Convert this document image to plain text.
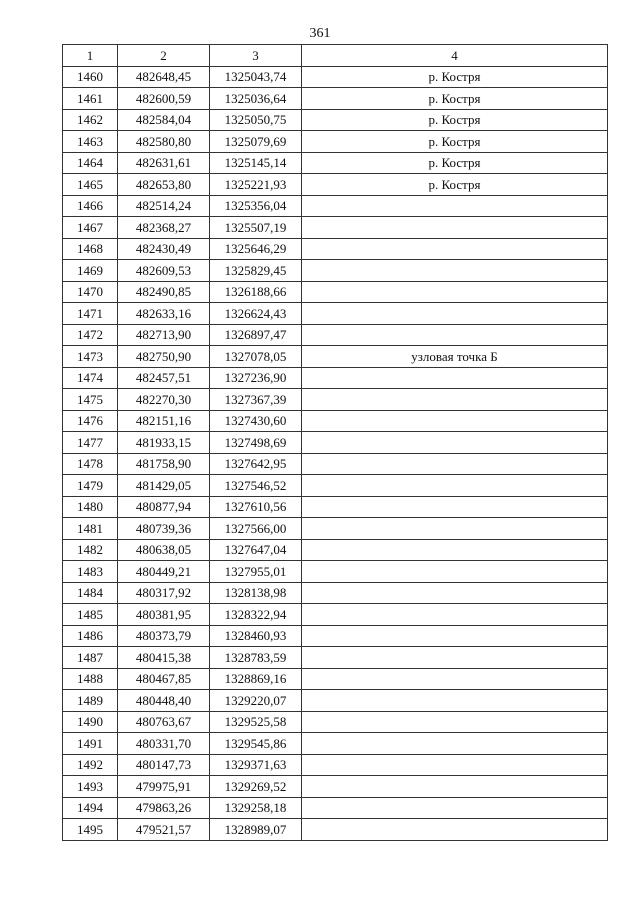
361
1	2	3	4
1460	482648,45	1325043,74	р. Костря
1461	482600,59	1325036,64	р. Костря
1462	482584,04	1325050,75	р. Костря
1463	482580,80	1325079,69	р. Костря
1464	482631,61	1325145,14	р. Костря
1465	482653,80	1325221,93	р. Костря
1466	482514,24	1325356,04	
1467	482368,27	1325507,19	
1468	482430,49	1325646,29	
1469	482609,53	1325829,45	
1470	482490,85	1326188,66	
1471	482633,16	1326624,43	
1472	482713,90	1326897,47	
1473	482750,90	1327078,05	узловая точка Б
1474	482457,51	1327236,90	
1475	482270,30	1327367,39	
1476	482151,16	1327430,60	
1477	481933,15	1327498,69	
1478	481758,90	1327642,95	
1479	481429,05	1327546,52	
1480	480877,94	1327610,56	
1481	480739,36	1327566,00	
1482	480638,05	1327647,04	
1483	480449,21	1327955,01	
1484	480317,92	1328138,98	
1485	480381,95	1328322,94	
1486	480373,79	1328460,93	
1487	480415,38	1328783,59	
1488	480467,85	1328869,16	
1489	480448,40	1329220,07	
1490	480763,67	1329525,58	
1491	480331,70	1329545,86	
1492	480147,73	1329371,63	
1493	479975,91	1329269,52	
1494	479863,26	1329258,18	
1495	479521,57	1328989,07	
